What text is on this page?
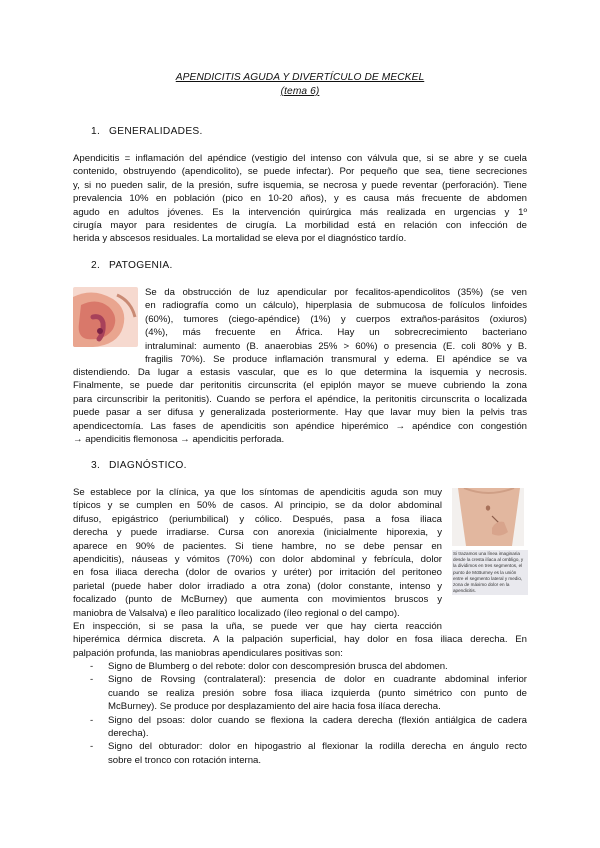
APENDICITIS AGUDA Y DIVERTÍCULO DE MECKEL
(tema 6)
1. GENERALIDADES.
Apendicitis = inflamación del apéndice (vestigio del intenso con válvula que, si se abre y se cuela
contenido, obstruyendo (apendicolito), se puede infectar). Por pequeño que sea, tiene secreciones
y, si no pueden salir, de la presión, sufre isquemia, se necrosa y puede reventar (perforación). Tiene
prevalencia 10% en población (pico en 10-20 años), y es causa más frecuente de abdomen
agudo en adultos jóvenes. Es la intervención quirúrgica más realizada en urgencias y 1º
cirugía mayor para residentes de cirugía. La morbilidad está en relación con infección de
herida y abscesos residuales. La mortalidad se eleva por el diagnóstico tardío.
2. PATOGENIA.
Se da obstrucción de luz apendicular por fecalitos-apendicolitos (35%) (se ven
en radiografía como un cálculo), hiperplasia de submucosa de folículos linfoides
(60%), tumores (ciego-apéndice) (1%) y cuerpos extraños-parásitos (oxiuros)
(4%), más frecuente en África. Hay un sobrecrecimiento bacteriano
intraluminal: aumento (B. anaerobias 25% > 60%) o presencia (E. coli 80% y B.
fragilis 70%). Se produce inflamación transmural y edema. El apéndice se va
distendiendo. Da lugar a estasis vascular, que es lo que determina la isquemia y necrosis.
Finalmente, se puede dar peritonitis circunscrita (el epiplón mayor se mueve cubriendo la zona
para circunscribir la peritonitis). Cuando se perfora el apéndice, la peritonitis circunscrita o localizada
puede pasar a ser difusa y generalizada posteriormente. Hay que lavar muy bien la pelvis tras
apendicectomía. Las fases de apendicitis son apéndice hiperémico → apéndice con congestión
→ apendicitis flemonosa → apendicitis perforada.
3. DIAGNÓSTICO.
Se establece por la clínica, ya que los síntomas de apendicitis aguda son muy
típicos y se cumplen en 50% de casos. Al principio, se da dolor abdominal
difuso, epigástrico (periumbilical) y cólico. Después, pasa a fosa iliaca
derecha y puede irradiarse. Cursa con anorexia (inicialmente hiporexia, y
aparece en 90% de pacientes. Si tiene hambre, no se debe pensar en
apendicitis), náuseas y vómitos (70%) con dolor abdominal y febrícula, dolor
en fosa iliaca derecha (dolor de ovarios y uréter) por irritación del peritoneo
parietal (puede haber dolor irradiado a otra zona) (dolor constante, intenso y
focalizado (punto de McBurney) que aumenta con movimientos bruscos y
maniobra de Valsalva) e íleo paralítico localizado (íleo regional o del campo).
Si trazamos una línea imaginaria desde la cresta ilíaca al ombligo, y la dividimos en tres segmentos, el punto de McBurney es la unión entre el segmento lateral y medio, zona de máximo dolor en la apendicitis.
En inspección, si se pasa la uña, se puede ver que hay cierta reacción
hiperémica dérmica discreta. A la palpación superficial, hay dolor en fosa iliaca derecha. En
palpación profunda, las maniobras apendiculares positivas son:
- Signo de Blumberg o del rebote: dolor con descompresión brusca del abdomen.
- Signo de Rovsing (contralateral): presencia de dolor en cuadrante abdominal inferior
cuando se realiza presión sobre fosa iliaca izquierda (punto simétrico con punto de
McBurney). Se produce por desplazamiento del aire hacia fosa ilíaca derecha.
- Signo del psoas: dolor cuando se flexiona la cadera derecha (flexión antiálgica de cadera
derecha).
- Signo del obturador: dolor en hipogastrio al flexionar la rodilla derecha en ángulo recto
sobre el tronco con rotación interna.
